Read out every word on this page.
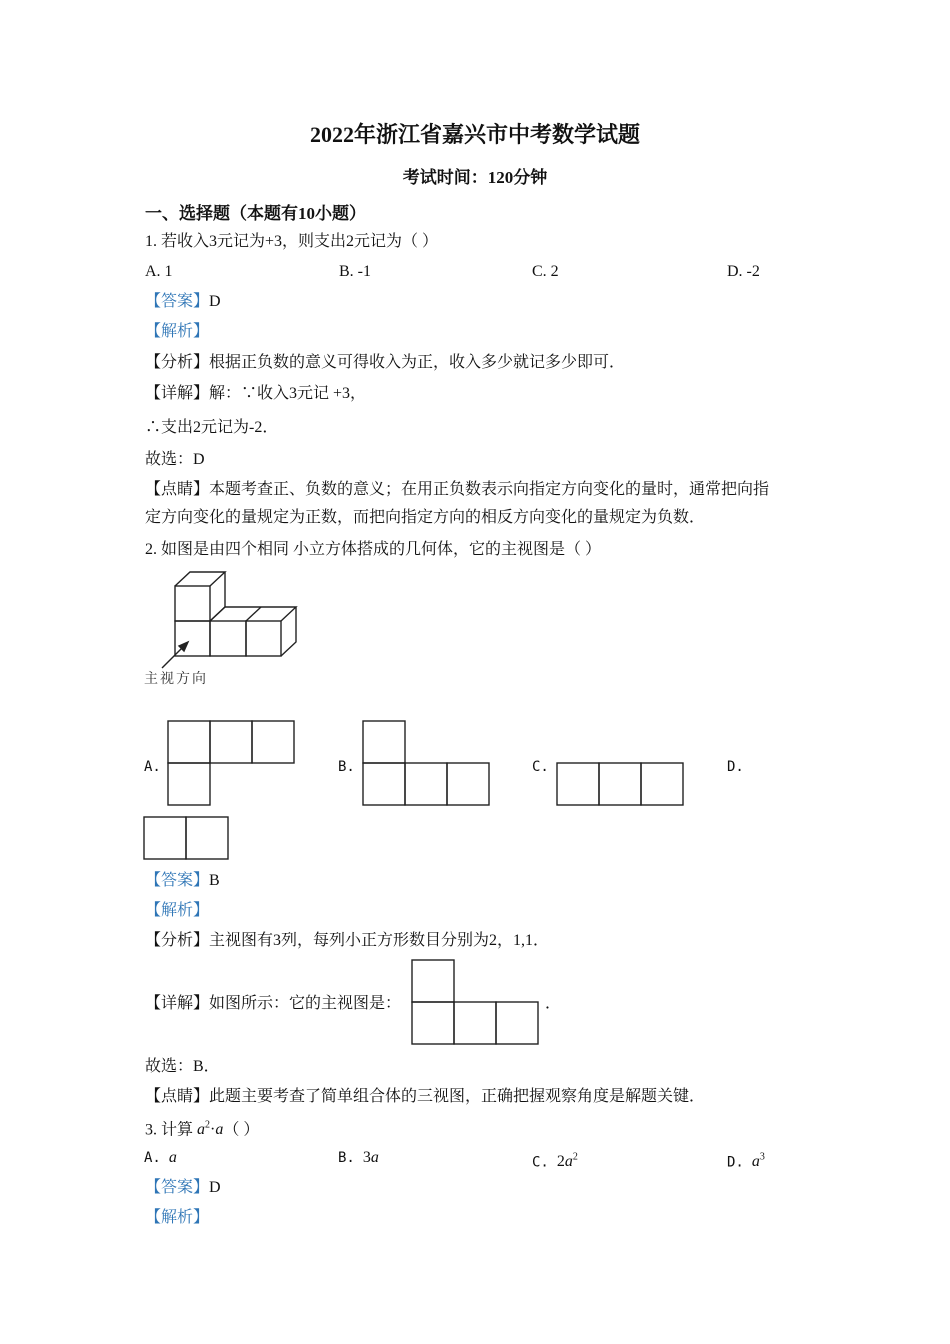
2022年浙江省嘉兴市中考数学试题
考试时间：120分钟
一、选择题（本题有10小题）
1. 若收入3元记为+3，则支出2元记为（ ）
A. 1	B. -1	C. 2	D. -2
【答案】D
【解析】
【分析】根据正负数的意义可得收入为正，收入多少就记多少即可．
【详解】解：∵收入3元记 +3，
∴支出2元记为-2．
故选：D
【点睛】本题考查正、负数的意义；在用正负数表示向指定方向变化的量时，通常把向指
定方向变化的量规定为正数，而把向指定方向的相反方向变化的量规定为负数．
2. 如图是由四个相同 小立方体搭成的几何体，它的主视图是（ ）
主视方向
A.	B.	C.	D.
【答案】B
【解析】
【分析】主视图有3列，每列小正方形数目分别为2，1,1．
【详解】如图所示：它的主视图是：	．
故选：B．
【点睛】此题主要考查了简单组合体的三视图，正确把握观察角度是解题关键．
3. 计算 $a^2\cdot a$（ ）
A. a	B. 3a	C. $2a^2$	D. $a^3$
【答案】D
【解析】
